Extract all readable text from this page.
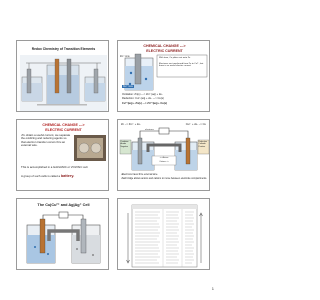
Redox Chemistry of Transition Elements
CHEMICAL CHANGE --->
ELECTRIC CURRENT
Zn²⁺ ions
Cu²⁺ ions
With time, Cu plates out onto Zn
Electrons are transferred from Zn to Cu²⁺, but there is no useful electric current.
Oxidation: Zn(s) ---> Zn²⁺(aq) + 2e-
Reduction: Cu²⁺(aq) + 2e- ---> Cu(s)
Cu²⁺(aq) + Zn(s) ---> Zn²⁺(aq) + Cu(s)
CHEMICAL CHANGE --->
ELECTRIC CURRENT
•To obtain a useful current, we separate the oxidizing and reducing agents so that electron transfer occurs thru an external wire.
This is accomplished in a GALVANIC or VOLTAIC cell.
A group of such cells is called a battery.
Zn --> Zn²⁺ + 2e-	Cu²⁺ + 2e- --> Cu
electrons
Oxidation Anode Negative
Reduction Cathode Positive
<-- Anions
Cations -->
•Electrons travel thru external wire.
•Salt bridge allows anions and cations to move between electrode compartments.
The Cu|Cu²⁺ and Ag|Ag⁺ Cell
1
